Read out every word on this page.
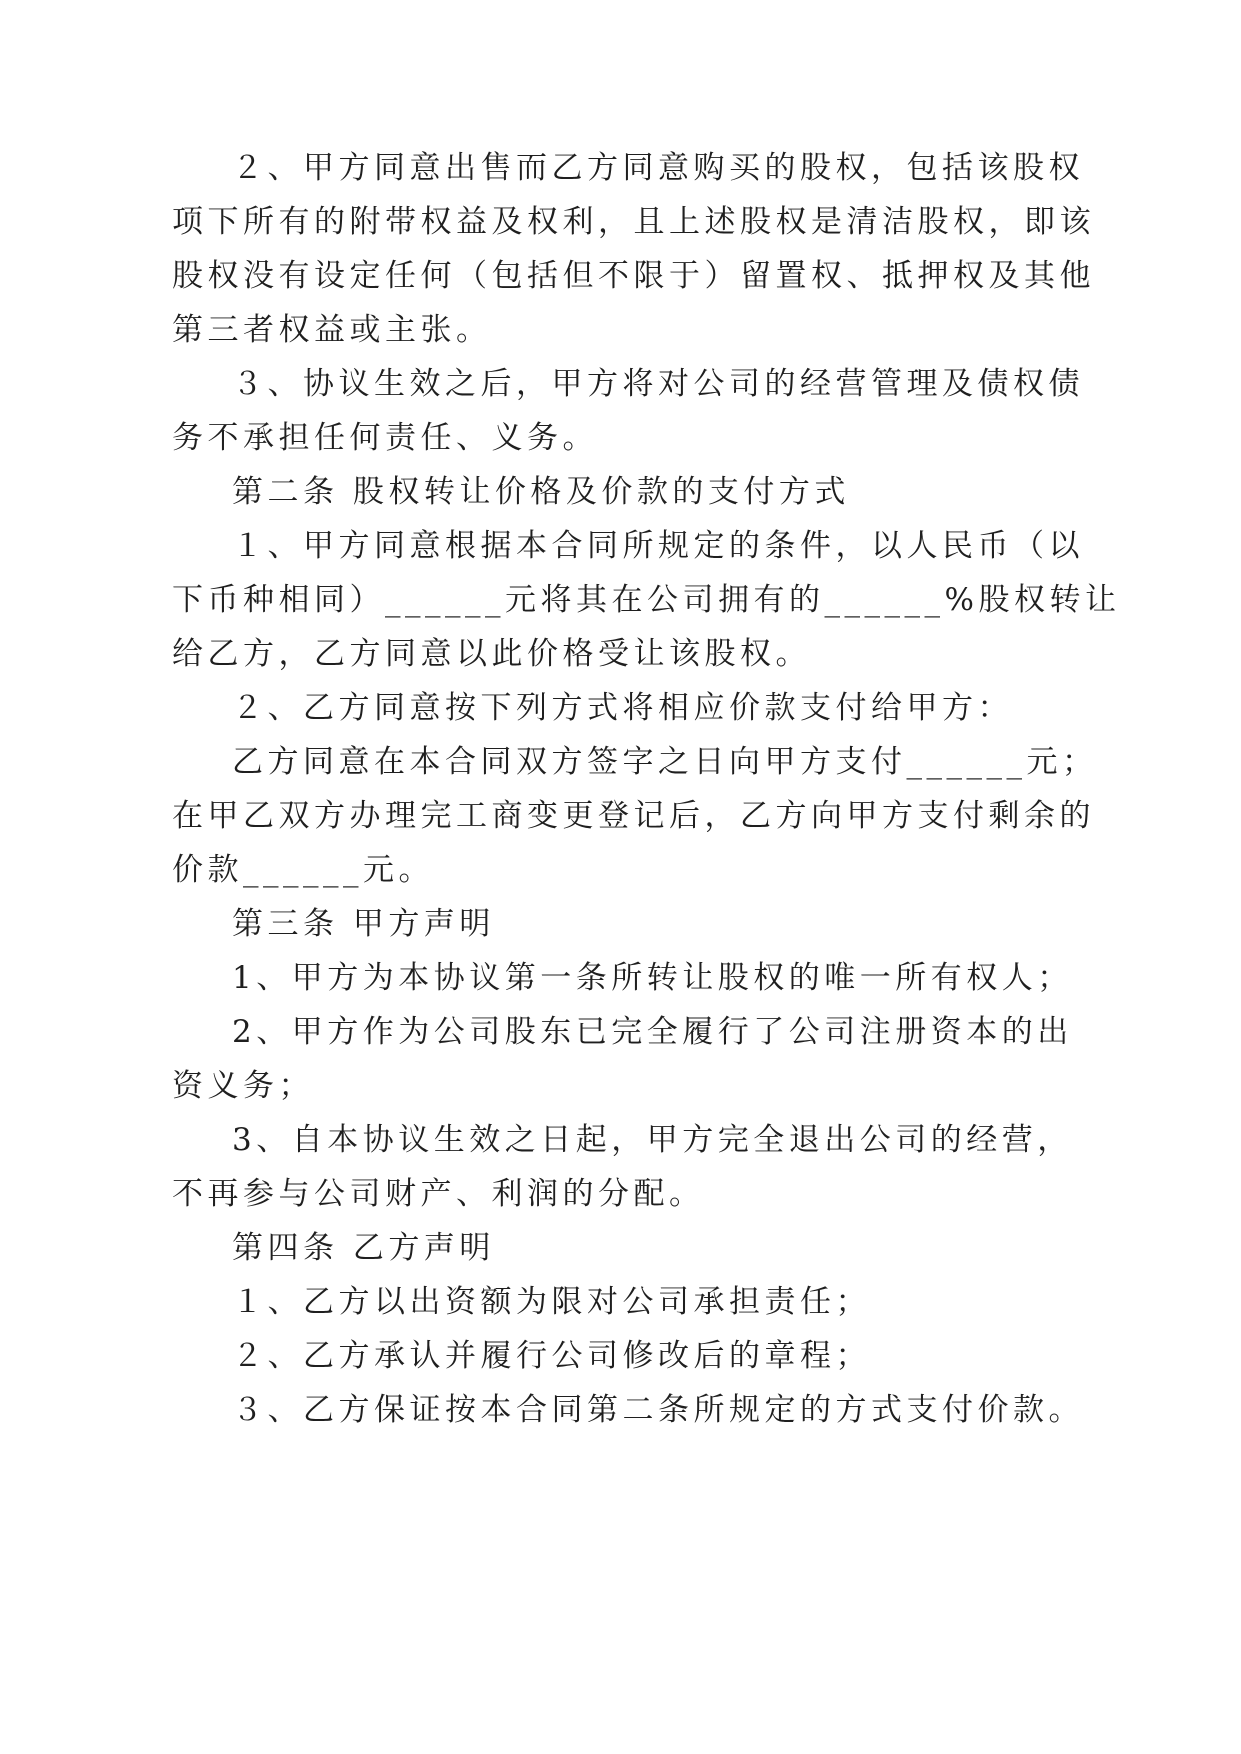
２、甲方同意出售而乙方同意购买的股权，包括该股权

项下所有的附带权益及权利，且上述股权是清洁股权，即该

股权没有设定任何（包括但不限于）留置权、抵押权及其他

第三者权益或主张。

３、协议生效之后，甲方将对公司的经营管理及债权债

务不承担任何责任、义务。

第二条 股权转让价格及价款的支付方式

１、甲方同意根据本合同所规定的条件，以人民币（以

下币种相同）______元将其在公司拥有的______%股权转让

给乙方，乙方同意以此价格受让该股权。

２、乙方同意按下列方式将相应价款支付给甲方：

乙方同意在本合同双方签字之日向甲方支付______元；

在甲乙双方办理完工商变更登记后，乙方向甲方支付剩余的

价款______元。

第三条 甲方声明

1、甲方为本协议第一条所转让股权的唯一所有权人；

2、甲方作为公司股东已完全履行了公司注册资本的出

资义务；

3、自本协议生效之日起，甲方完全退出公司的经营，

不再参与公司财产、利润的分配。

第四条 乙方声明

１、乙方以出资额为限对公司承担责任；

２、乙方承认并履行公司修改后的章程；

３、乙方保证按本合同第二条所规定的方式支付价款。
